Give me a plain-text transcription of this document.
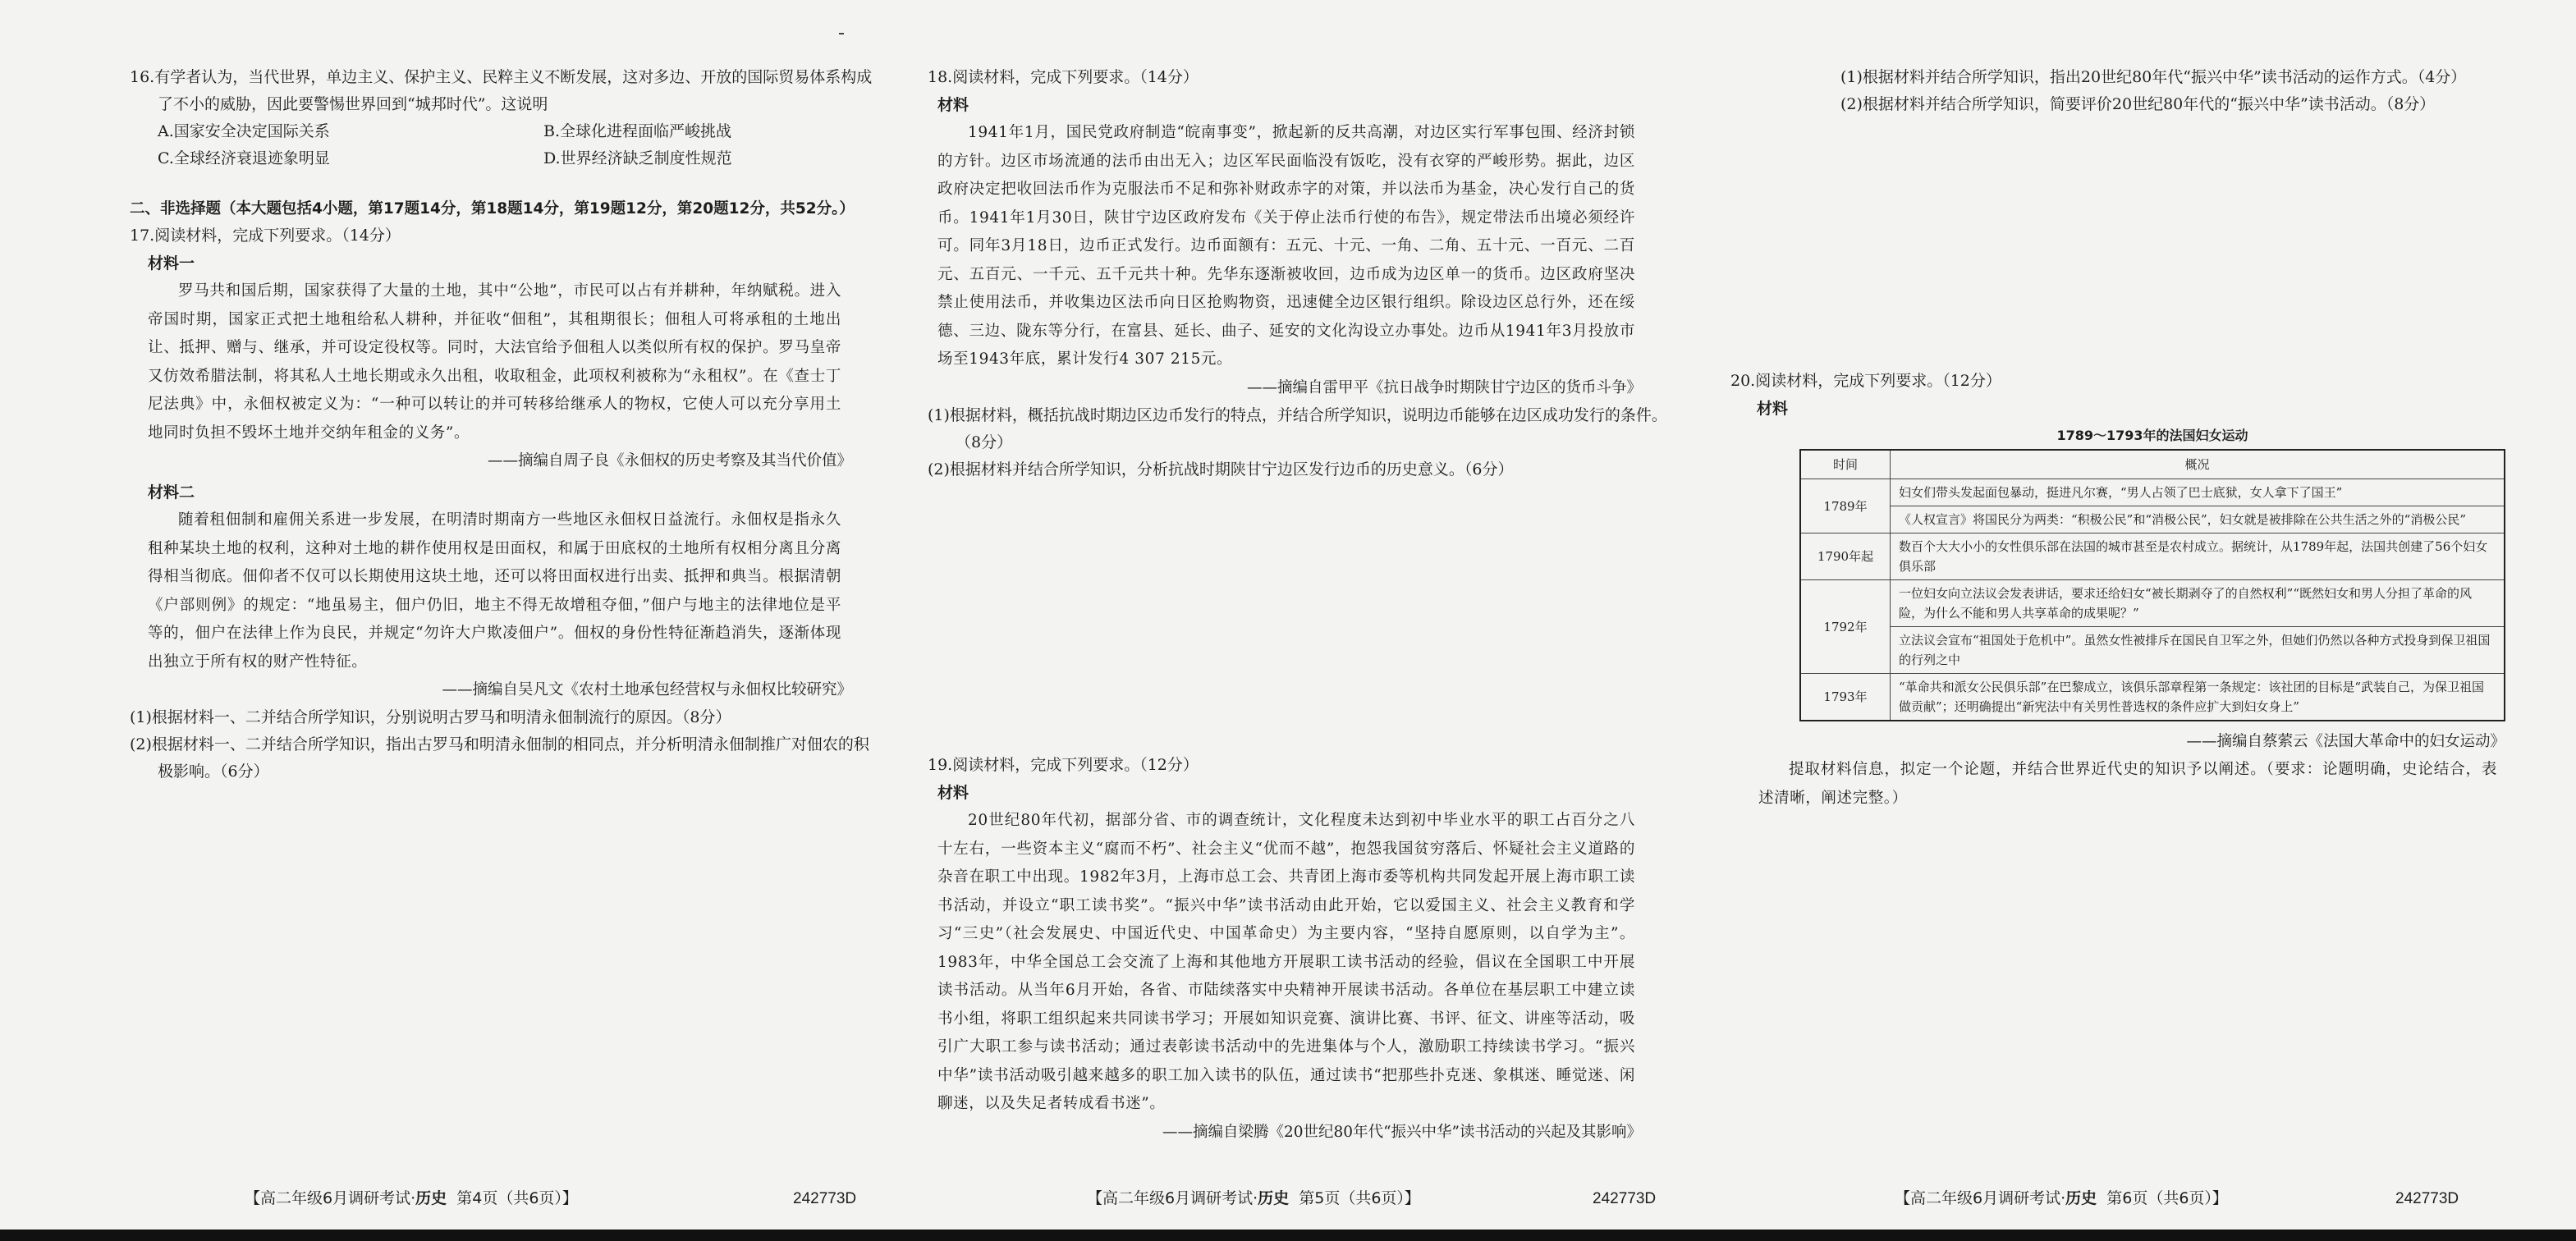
16.有学者认为，当代世界，单边主义、保护主义、民粹主义不断发展，这对多边、开放的国际贸易体系构成了不小的威胁，因此要警惕世界回到“城邦时代”。这说明

A.国家安全决定国际关系	B.全球化进程面临严峻挑战
C.全球经济衰退迹象明显	D.世界经济缺乏制度性规范
二、非选择题（本大题包括4小题，第17题14分，第18题14分，第19题12分，第20题12分，共52分。）
17.阅读材料，完成下列要求。（14分）
材料一
罗马共和国后期，国家获得了大量的土地，其中“公地”，市民可以占有并耕种，年纳赋税。进入帝国时期，国家正式把土地租给私人耕种，并征收“佃租”，其租期很长；佃租人可将承租的土地出让、抵押、赠与、继承，并可设定役权等。同时，大法官给予佃租人以类似所有权的保护。罗马皇帝又仿效希腊法制，将其私人土地长期或永久出租，收取租金，此项权利被称为“永租权”。在《查士丁尼法典》中，永佃权被定义为：“一种可以转让的并可转移给继承人的物权，它使人可以充分享用土地同时负担不毁坏土地并交纳年租金的义务”。
——摘编自周子良《永佃权的历史考察及其当代价值》
材料二
随着租佃制和雇佣关系进一步发展，在明清时期南方一些地区永佃权日益流行。永佃权是指永久租种某块土地的权利，这种对土地的耕作使用权是田面权，和属于田底权的土地所有权相分离且分离得相当彻底。佃仰者不仅可以长期使用这块土地，还可以将田面权进行出卖、抵押和典当。根据清朝《户部则例》的规定：“地虽易主，佃户仍旧，地主不得无故增租夺佃，”佃户与地主的法律地位是平等的，佃户在法律上作为良民，并规定“勿许大户欺凌佃户”。佃权的身份性特征渐趋消失，逐渐体现出独立于所有权的财产性特征。
——摘编自吴凡文《农村土地承包经营权与永佃权比较研究》
(1)根据材料一、二并结合所学知识，分别说明古罗马和明清永佃制流行的原因。（8分）
(2)根据材料一、二并结合所学知识，指出古罗马和明清永佃制的相同点，并分析明清永佃制推广对佃农的积极影响。（6分）
【高二年级6月调研考试·历史 第4页（共6页）】	242773D
18.阅读材料，完成下列要求。（14分）
材料
1941年1月，国民党政府制造“皖南事变”，掀起新的反共高潮，对边区实行军事包围、经济封锁的方针。边区市场流通的法币由出无入；边区军民面临没有饭吃，没有衣穿的严峻形势。据此，边区政府决定把收回法币作为克服法币不足和弥补财政赤字的对策，并以法币为基金，决心发行自己的货币。1941年1月30日，陕甘宁边区政府发布《关于停止法币行使的布告》，规定带法币出境必须经许可。同年3月18日，边币正式发行。边币面额有：五元、十元、一角、二角、五十元、一百元、二百元、五百元、一千元、五千元共十种。先华东逐渐被收回，边币成为边区单一的货币。边区政府坚决禁止使用法币，并收集边区法币向日区抢购物资，迅速健全边区银行组织。除设边区总行外，还在绥德、三边、陇东等分行，在富县、延长、曲子、延安的文化沟设立办事处。边币从1941年3月投放市场至1943年底，累计发行4 307 215元。
——摘编自雷甲平《抗日战争时期陕甘宁边区的货币斗争》
(1)根据材料，概括抗战时期边区边币发行的特点，并结合所学知识，说明边币能够在边区成功发行的条件。（8分）
(2)根据材料并结合所学知识，分析抗战时期陕甘宁边区发行边币的历史意义。（6分）
19.阅读材料，完成下列要求。（12分）
材料
20世纪80年代初，据部分省、市的调查统计，文化程度未达到初中毕业水平的职工占百分之八十左右，一些资本主义“腐而不朽”、社会主义“优而不越”，抱怨我国贫穷落后、怀疑社会主义道路的杂音在职工中出现。1982年3月，上海市总工会、共青团上海市委等机构共同发起开展上海市职工读书活动，并设立“职工读书奖”。“振兴中华”读书活动由此开始，它以爱国主义、社会主义教育和学习“三史”（社会发展史、中国近代史、中国革命史）为主要内容，“坚持自愿原则，以自学为主”。1983年，中华全国总工会交流了上海和其他地方开展职工读书活动的经验，倡议在全国职工中开展读书活动。从当年6月开始，各省、市陆续落实中央精神开展读书活动。各单位在基层职工中建立读书小组，将职工组织起来共同读书学习；开展如知识竞赛、演讲比赛、书评、征文、讲座等活动，吸引广大职工参与读书活动；通过表彰读书活动中的先进集体与个人，激励职工持续读书学习。“振兴中华”读书活动吸引越来越多的职工加入读书的队伍，通过读书“把那些扑克迷、象棋迷、睡觉迷、闲聊迷，以及失足者转成看书迷”。
——摘编自梁腾《20世纪80年代“振兴中华”读书活动的兴起及其影响》
【高二年级6月调研考试·历史 第5页（共6页）】	242773D
(1)根据材料并结合所学知识，指出20世纪80年代“振兴中华”读书活动的运作方式。（4分）
(2)根据材料并结合所学知识，简要评价20世纪80年代的“振兴中华”读书活动。（8分）
20.阅读材料，完成下列要求。（12分）
材料
1789～1793年的法国妇女运动
时间	概况
1789年	妇女们带头发起面包暴动，挺进凡尔赛，“男人占领了巴士底狱，女人拿下了国王”
	《人权宣言》将国民分为两类：“积极公民”和“消极公民”，妇女就是被排除在公共生活之外的“消极公民”
1790年起	数百个大大小小的女性俱乐部在法国的城市甚至是农村成立。据统计，从1789年起，法国共创建了56个妇女俱乐部
1792年	一位妇女向立法议会发表讲话，要求还给妇女“被长期剥夺了的自然权利”“既然妇女和男人分担了革命的风险，为什么不能和男人共享革命的成果呢？”
	立法议会宣布“祖国处于危机中”。虽然女性被排斥在国民自卫军之外，但她们仍然以各种方式投身到保卫祖国的行列之中
1793年	“革命共和派女公民俱乐部”在巴黎成立，该俱乐部章程第一条规定：该社团的目标是“武装自己，为保卫祖国做贡献”；还明确提出“新宪法中有关男性普选权的条件应扩大到妇女身上”
——摘编自蔡萦云《法国大革命中的妇女运动》
提取材料信息，拟定一个论题，并结合世界近代史的知识予以阐述。（要求：论题明确，史论结合，表述清晰，阐述完整。）
【高二年级6月调研考试·历史 第6页（共6页）】	242773D
